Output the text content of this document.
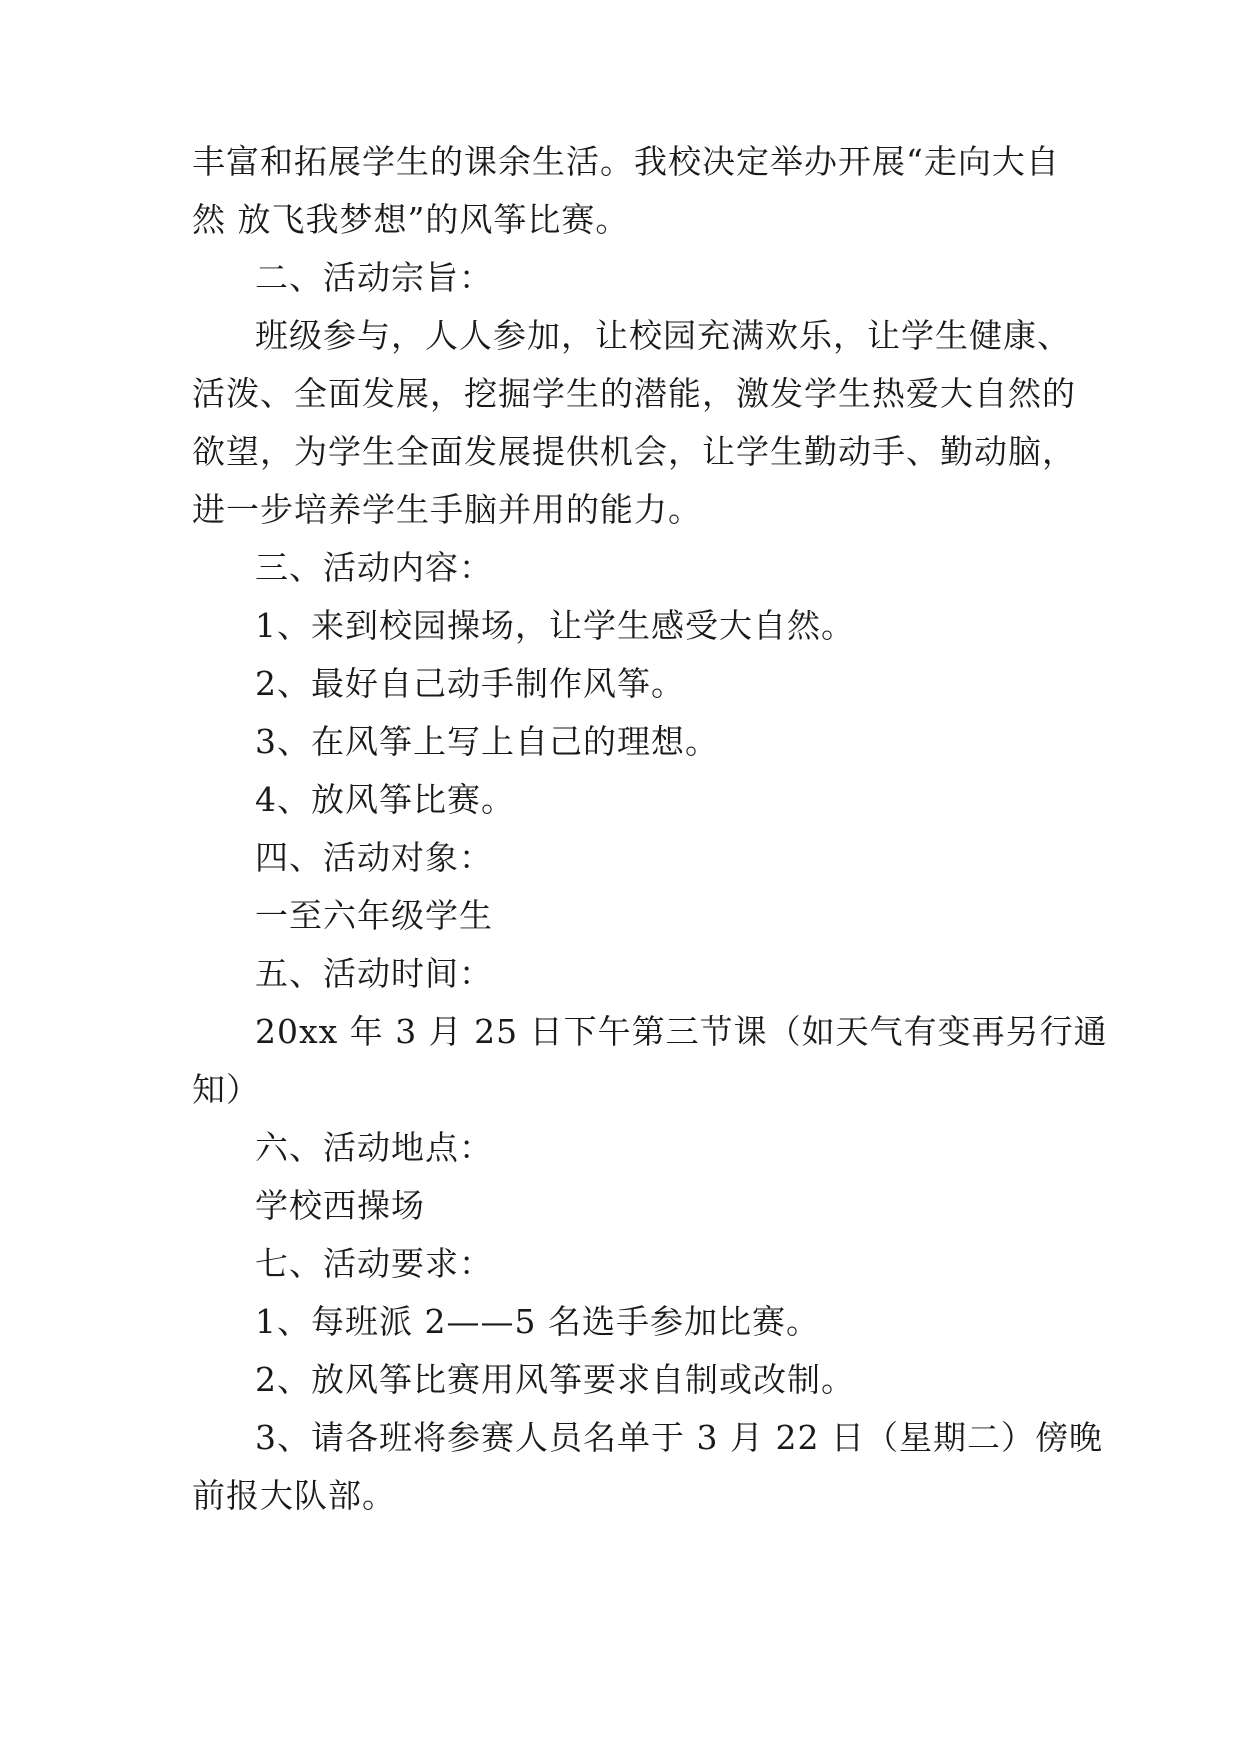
丰富和拓展学生的课余生活。我校决定举办开展“走向大自
然 放飞我梦想”的风筝比赛。
二、活动宗旨：
班级参与，人人参加，让校园充满欢乐，让学生健康、
活泼、全面发展，挖掘学生的潜能，激发学生热爱大自然的
欲望，为学生全面发展提供机会，让学生勤动手、勤动脑，
进一步培养学生手脑并用的能力。
三、活动内容：
1、来到校园操场，让学生感受大自然。
2、最好自己动手制作风筝。
3、在风筝上写上自己的理想。
4、放风筝比赛。
四、活动对象：
一至六年级学生
五、活动时间：
20xx 年 3 月 25 日下午第三节课（如天气有变再另行通
知）
六、活动地点：
学校西操场
七、活动要求：
1、每班派 2——5 名选手参加比赛。
2、放风筝比赛用风筝要求自制或改制。
3、请各班将参赛人员名单于 3 月 22 日（星期二）傍晚
前报大队部。
